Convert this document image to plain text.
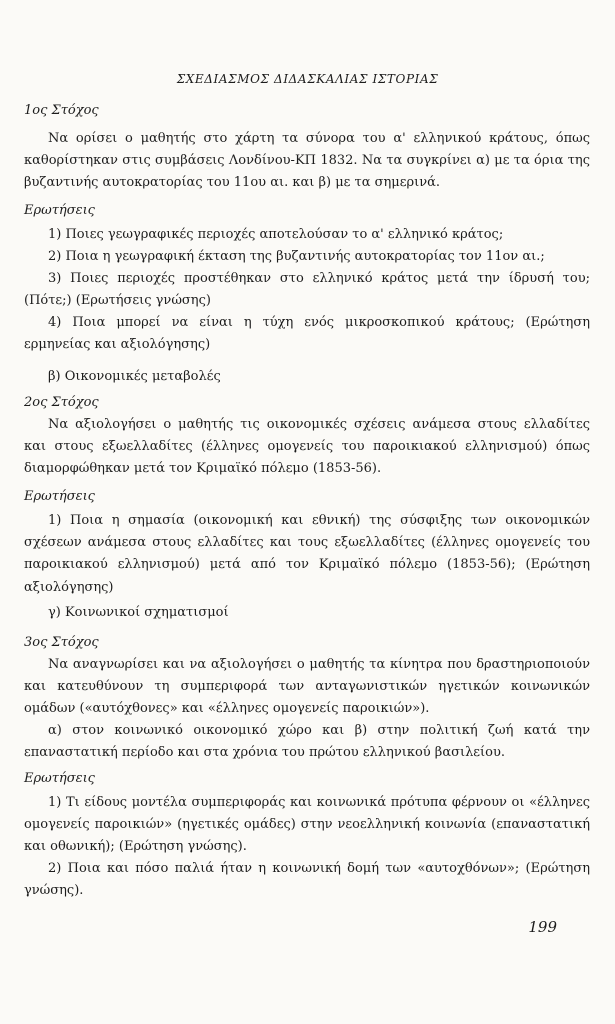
ΣΧΕΔΙΑΣΜΟΣ ΔΙΔΑΣΚΑΛΙΑΣ ΙΣΤΟΡΙΑΣ
1ος Στόχος
Να ορίσει ο μαθητής στο χάρτη τα σύνορα του α' ελληνικού κράτους, όπως καθορίστηκαν στις συμβάσεις Λονδίνου-ΚΠ 1832. Να τα συγκρίνει α) με τα όρια της βυζαντινής αυτοκρατορίας του 11ου αι. και β) με τα σημερινά.
Ερωτήσεις
1) Ποιες γεωγραφικές περιοχές αποτελούσαν το α' ελληνικό κράτος;
2) Ποια η γεωγραφική έκταση της βυζαντινής αυτοκρατορίας τον 11ον αι.;
3) Ποιες περιοχές προστέθηκαν στο ελληνικό κράτος μετά την ίδρυσή του; (Πότε;) (Ερωτήσεις γνώσης)
4) Ποια μπορεί να είναι η τύχη ενός μικροσκοπικού κράτους; (Ερώτηση ερμηνείας και αξιολόγησης)
β) Οικονομικές μεταβολές
2ος Στόχος
Να αξιολογήσει ο μαθητής τις οικονομικές σχέσεις ανάμεσα στους ελλαδίτες και στους εξωελλαδίτες (έλληνες ομογενείς του παροικιακού ελληνισμού) όπως διαμορφώθηκαν μετά τον Κριμαϊκό πόλεμο (1853-56).
Ερωτήσεις
1) Ποια η σημασία (οικονομική και εθνική) της σύσφιξης των οικονομικών σχέσεων ανάμεσα στους ελλαδίτες και τους εξωελλαδίτες (έλληνες ομογενείς του παροικιακού ελληνισμού) μετά από τον Κριμαϊκό πόλεμο (1853-56); (Ερώτηση αξιολόγησης)
γ) Κοινωνικοί σχηματισμοί
3ος Στόχος
Να αναγνωρίσει και να αξιολογήσει ο μαθητής τα κίνητρα που δραστηριοποιούν και κατευθύνουν τη συμπεριφορά των ανταγωνιστικών ηγετικών κοινωνικών ομάδων («αυτόχθονες» και «έλληνες ομογενείς παροικιών»).
α) στον κοινωνικό οικονομικό χώρο και β) στην πολιτική ζωή κατά την επαναστατική περίοδο και στα χρόνια του πρώτου ελληνικού βασιλείου.
Ερωτήσεις
1) Τι είδους μοντέλα συμπεριφοράς και κοινωνικά πρότυπα φέρνουν οι «έλληνες ομογενείς παροικιών» (ηγετικές ομάδες) στην νεοελληνική κοινωνία (επαναστατική και οθωνική); (Ερώτηση γνώσης).
2) Ποια και πόσο παλιά ήταν η κοινωνική δομή των «αυτοχθόνων»; (Ερώτηση γνώσης).
199
